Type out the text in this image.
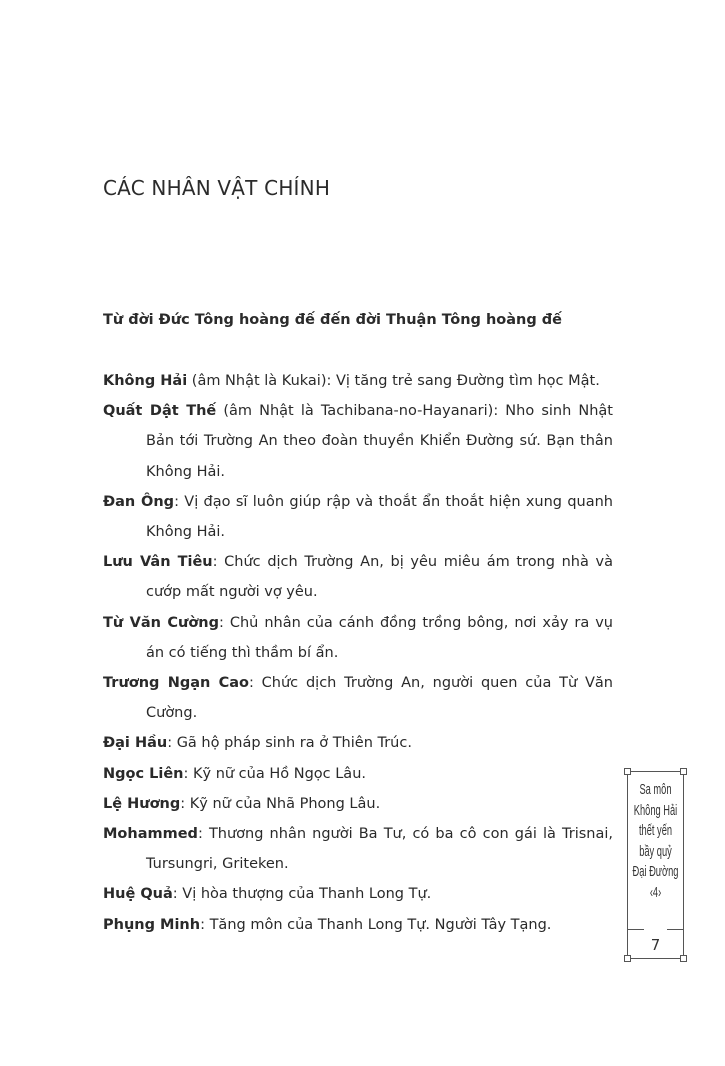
CÁC NHÂN VẬT CHÍNH
Từ đời Đức Tông hoàng đế đến đời Thuận Tông hoàng đế

Không Hải (âm Nhật là Kukai): Vị tăng trẻ sang Đường tìm học Mật.

Quất Dật Thế (âm Nhật là Tachibana-no-Hayanari): Nho sinh Nhật Bản tới Trường An theo đoàn thuyền Khiển Đường sứ. Bạn thân Không Hải.

Đan Ông: Vị đạo sĩ luôn giúp rập và thoắt ẩn thoắt hiện xung quanh Không Hải.

Lưu Vân Tiêu: Chức dịch Trường An, bị yêu miêu ám trong nhà và cướp mất người vợ yêu.

Từ Văn Cường: Chủ nhân của cánh đồng trồng bông, nơi xảy ra vụ án có tiếng thì thầm bí ẩn.

Trương Ngạn Cao: Chức dịch Trường An, người quen của Từ Văn Cường.

Đại Hầu: Gã hộ pháp sinh ra ở Thiên Trúc.

Ngọc Liên: Kỹ nữ của Hồ Ngọc Lâu.

Lệ Hương: Kỹ nữ của Nhã Phong Lâu.

Mohammed: Thương nhân người Ba Tư, có ba cô con gái là Trisnai, Tursungri, Griteken.

Huệ Quả: Vị hòa thượng của Thanh Long Tự.

Phụng Minh: Tăng môn của Thanh Long Tự. Người Tây Tạng.

Sa môn
Không Hải
thết yến
bầy quỷ
Đại Đường
‹4›
7
